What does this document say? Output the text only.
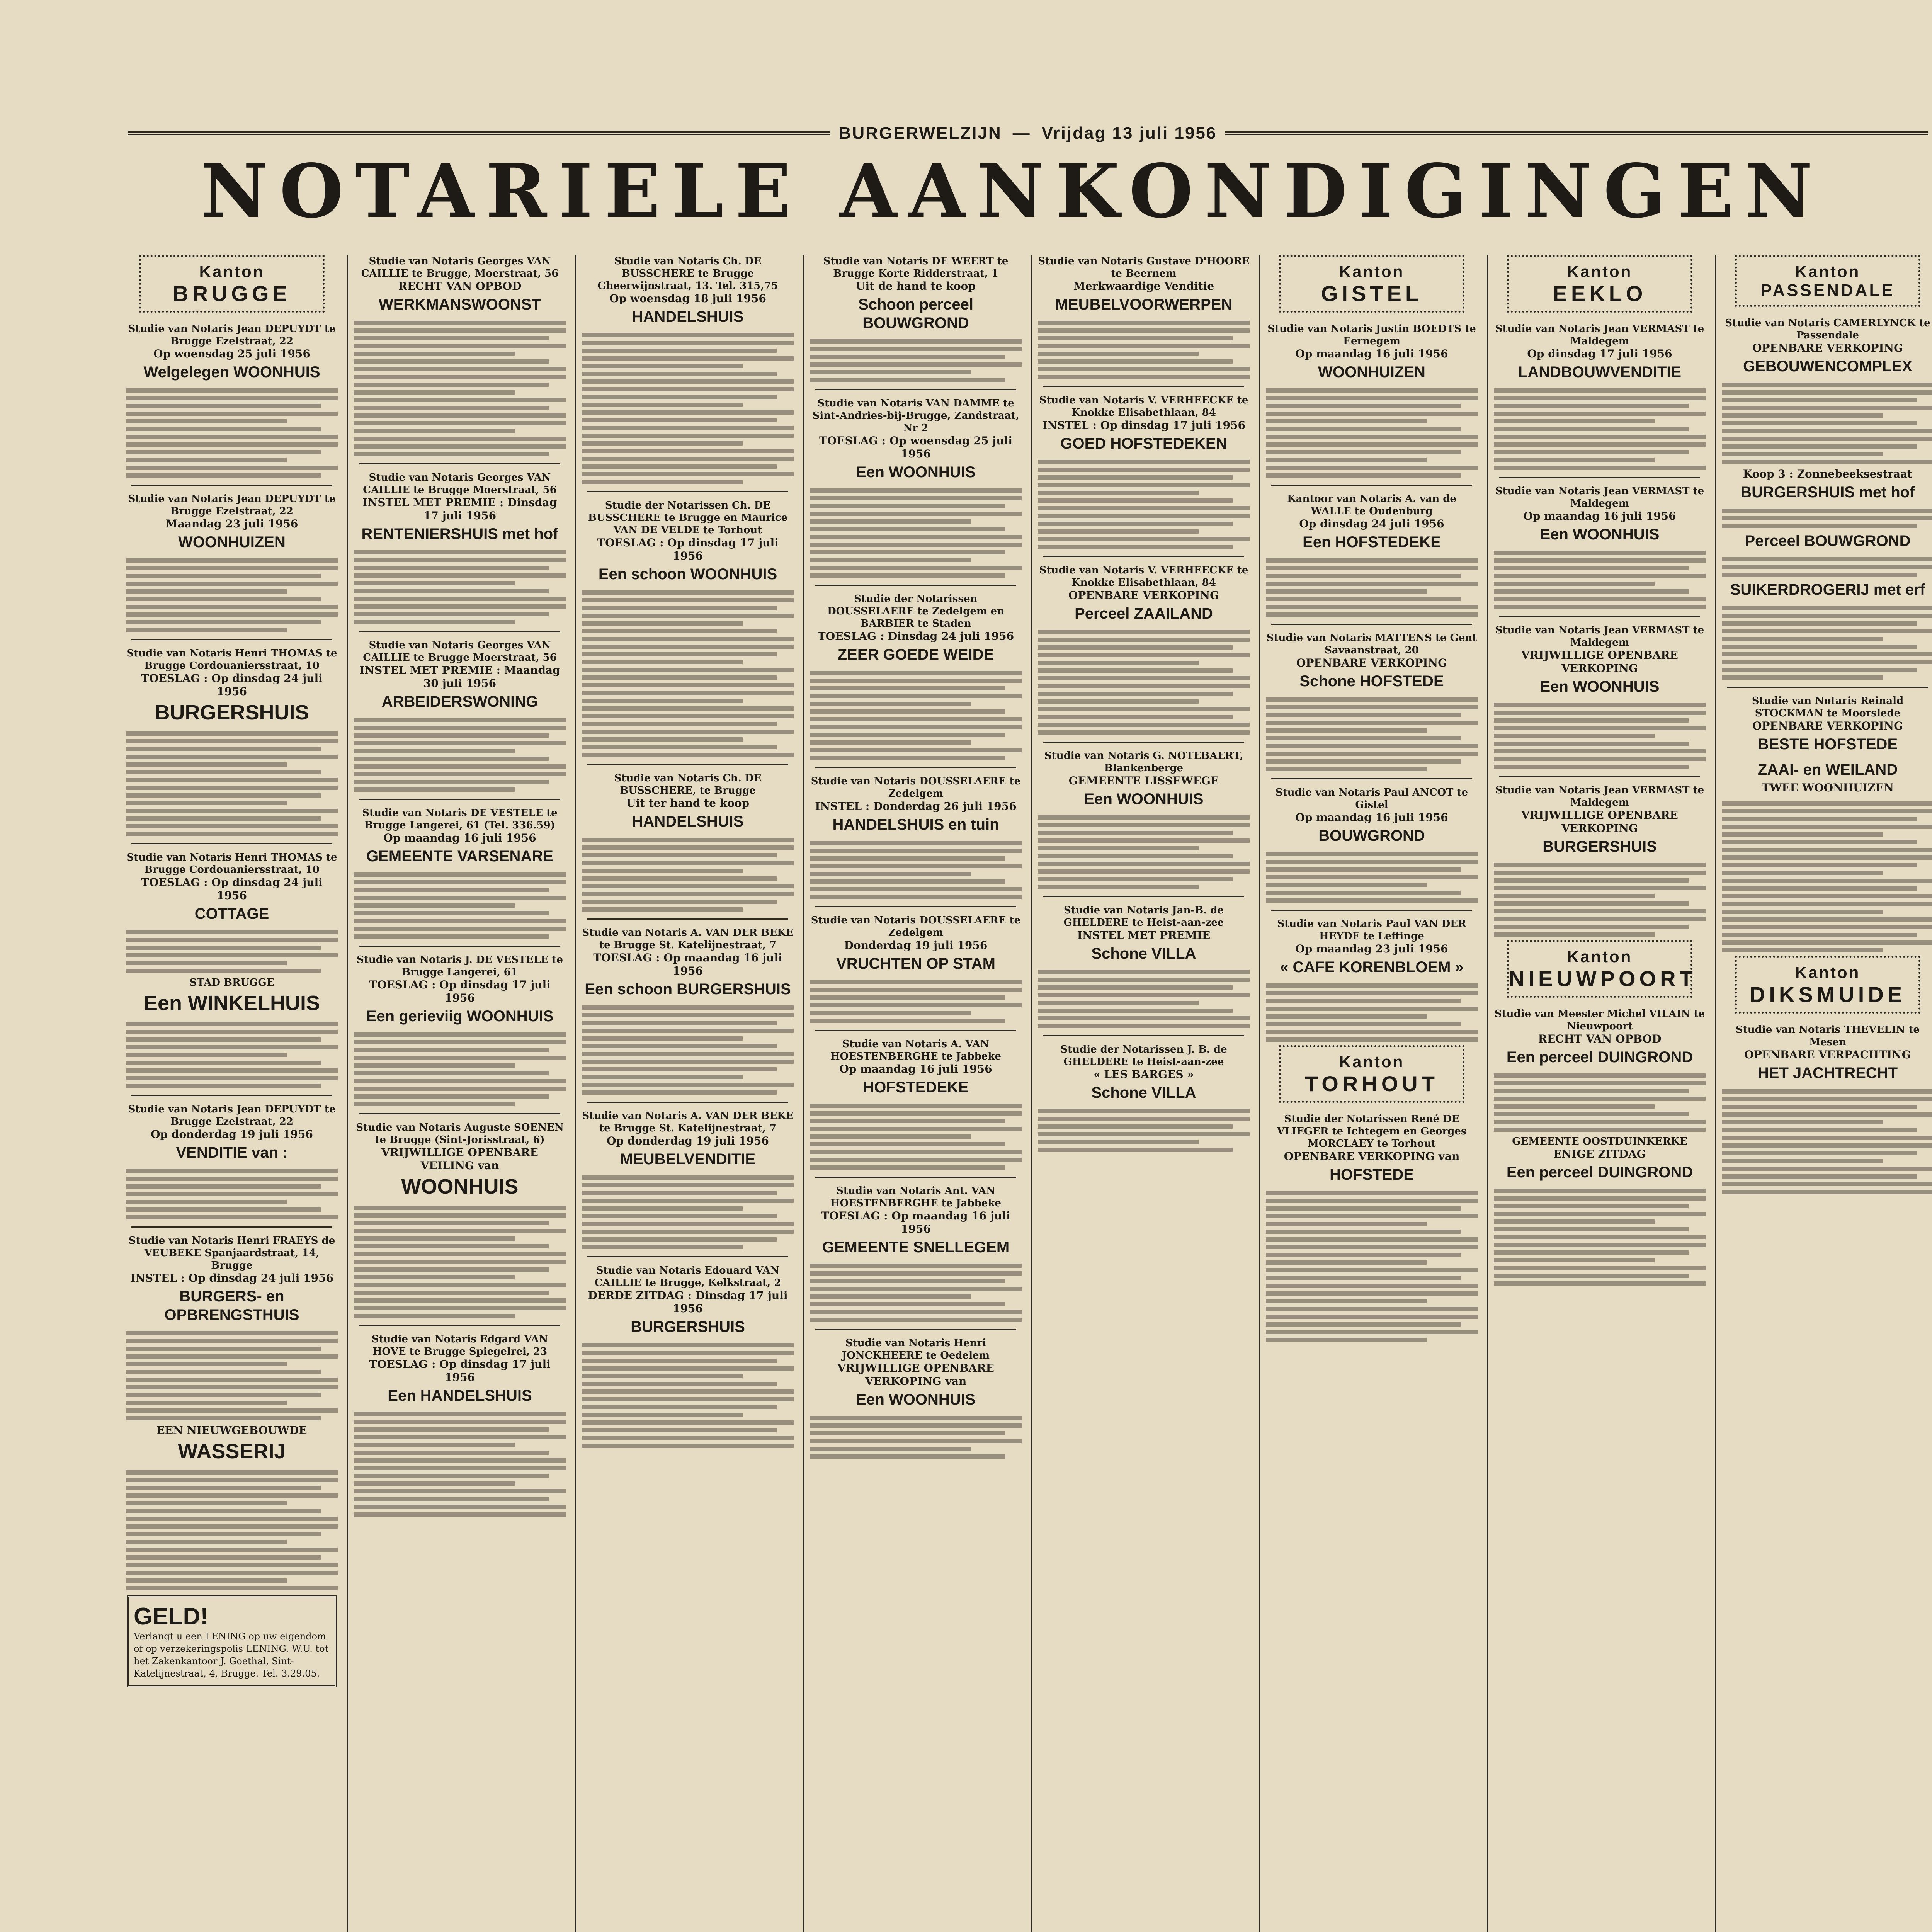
BURGERWELZIJN — Vrijdag 13 juli 1956
NOTARIELE AANKONDIGINGEN
Kanton
BRUGGE
Studie van Notaris Jean DEPUYDT te Brugge Ezelstraat, 22
Op woensdag 25 juli 1956
Welgelegen WOONHUIS
Studie van Notaris Jean DEPUYDT te Brugge Ezelstraat, 22
Maandag 23 juli 1956
WOONHUIZEN
Studie van Notaris Henri THOMAS te Brugge Cordouaniersstraat, 10
TOESLAG : Op dinsdag 24 juli 1956
BURGERSHUIS
Studie van Notaris Henri THOMAS te Brugge Cordouaniersstraat, 10
TOESLAG : Op dinsdag 24 juli 1956
COTTAGE
STAD BRUGGE
Een WINKELHUIS
Studie van Notaris Jean DEPUYDT te Brugge Ezelstraat, 22
Op donderdag 19 juli 1956
VENDITIE van :
Studie van Notaris Henri FRAEYS de VEUBEKE Spanjaardstraat, 14, Brugge
INSTEL : Op dinsdag 24 juli 1956
BURGERS- en OPBRENGSTHUIS
EEN NIEUWGEBOUWDE
WASSERIJ
GELD!
Verlangt u een LENING op uw eigendom of op verzekeringspolis LENING. W.U. tot het Zakenkantoor J. Goethal, Sint-Katelijnestraat, 4, Brugge. Tel. 3.29.05.
Studie van Notaris Georges VAN CAILLIE te Brugge, Moerstraat, 56
RECHT VAN OPBOD
WERKMANSWOONST
Studie van Notaris Georges VAN CAILLIE te Brugge Moerstraat, 56
INSTEL MET PREMIE : Dinsdag 17 juli 1956
RENTENIERSHUIS met hof
Studie van Notaris Georges VAN CAILLIE te Brugge Moerstraat, 56
INSTEL MET PREMIE : Maandag 30 juli 1956
ARBEIDERSWONING
Studie van Notaris DE VESTELE te Brugge Langerei, 61 (Tel. 336.59)
Op maandag 16 juli 1956
GEMEENTE VARSENARE
Studie van Notaris J. DE VESTELE te Brugge Langerei, 61
TOESLAG : Op dinsdag 17 juli 1956
Een gerieviig WOONHUIS
Studie van Notaris Auguste SOENEN te Brugge (Sint-Jorisstraat, 6)
VRIJWILLIGE OPENBARE VEILING van
WOONHUIS
Studie van Notaris Edgard VAN HOVE te Brugge Spiegelrei, 23
TOESLAG : Op dinsdag 17 juli 1956
Een HANDELSHUIS
Studie van Notaris Ch. DE BUSSCHERE te Brugge Gheerwijnstraat, 13. Tel. 315,75
Op woensdag 18 juli 1956
HANDELSHUIS
Studie der Notarissen Ch. DE BUSSCHERE te Brugge en Maurice VAN DE VELDE te Torhout
TOESLAG : Op dinsdag 17 juli 1956
Een schoon WOONHUIS
Studie van Notaris Ch. DE BUSSCHERE, te Brugge
Uit ter hand te koop
HANDELSHUIS
Studie van Notaris A. VAN DER BEKE te Brugge St. Katelijnestraat, 7
TOESLAG : Op maandag 16 juli 1956
Een schoon BURGERSHUIS
Studie van Notaris A. VAN DER BEKE te Brugge St. Katelijnestraat, 7
Op donderdag 19 juli 1956
MEUBELVENDITIE
Studie van Notaris Edouard VAN CAILLIE te Brugge, Kelkstraat, 2
DERDE ZITDAG : Dinsdag 17 juli 1956
BURGERSHUIS
Studie van Notaris DE WEERT te Brugge Korte Ridderstraat, 1
Uit de hand te koop
Schoon perceel BOUWGROND
Studie van Notaris VAN DAMME te Sint-Andries-bij-Brugge, Zandstraat, Nr 2
TOESLAG : Op woensdag 25 juli 1956
Een WOONHUIS
Studie der Notarissen DOUSSELAERE te Zedelgem en BARBIER te Staden
TOESLAG : Dinsdag 24 juli 1956
ZEER GOEDE WEIDE
Studie van Notaris DOUSSELAERE te Zedelgem
INSTEL : Donderdag 26 juli 1956
HANDELSHUIS en tuin
Studie van Notaris DOUSSELAERE te Zedelgem
Donderdag 19 juli 1956
VRUCHTEN OP STAM
Studie van Notaris A. VAN HOESTENBERGHE te Jabbeke
Op maandag 16 juli 1956
HOFSTEDEKE
Studie van Notaris Ant. VAN HOESTENBERGHE te Jabbeke
TOESLAG : Op maandag 16 juli 1956
GEMEENTE SNELLEGEM
Studie van Notaris Henri JONCKHEERE te Oedelem
VRIJWILLIGE OPENBARE VERKOPING van
Een WOONHUIS
Studie van Notaris Gustave D'HOORE te Beernem
Merkwaardige Venditie
MEUBELVOORWERPEN
Studie van Notaris V. VERHEECKE te Knokke Elisabethlaan, 84
INSTEL : Op dinsdag 17 juli 1956
GOED HOFSTEDEKEN
Studie van Notaris V. VERHEECKE te Knokke Elisabethlaan, 84
OPENBARE VERKOPING
Perceel ZAAILAND
Studie van Notaris G. NOTEBAERT, Blankenberge
GEMEENTE LISSEWEGE
Een WOONHUIS
Studie van Notaris Jan-B. de GHELDERE te Heist-aan-zee
INSTEL MET PREMIE
Schone VILLA
Studie der Notarissen J. B. de GHELDERE te Heist-aan-zee
« LES BARGES »
Schone VILLA
Kanton
GISTEL
Studie van Notaris Justin BOEDTS te Eernegem
Op maandag 16 juli 1956
WOONHUIZEN
Kantoor van Notaris A. van de WALLE te Oudenburg
Op dinsdag 24 juli 1956
Een HOFSTEDEKE
Studie van Notaris MATTENS te Gent Savaanstraat, 20
OPENBARE VERKOPING
Schone HOFSTEDE
Studie van Notaris Paul ANCOT te Gistel
Op maandag 16 juli 1956
BOUWGROND
Studie van Notaris Paul VAN DER HEYDE te Leffinge
Op maandag 23 juli 1956
« CAFE KORENBLOEM »
Kanton
TORHOUT
Studie der Notarissen René DE VLIEGER te Ichtegem en Georges MORCLAEY te Torhout
OPENBARE VERKOPING van
HOFSTEDE
Kanton
EEKLO
Studie van Notaris Jean VERMAST te Maldegem
Op dinsdag 17 juli 1956
LANDBOUWVENDITIE
Studie van Notaris Jean VERMAST te Maldegem
Op maandag 16 juli 1956
Een WOONHUIS
Studie van Notaris Jean VERMAST te Maldegem
VRIJWILLIGE OPENBARE VERKOPING
Een WOONHUIS
Studie van Notaris Jean VERMAST te Maldegem
VRIJWILLIGE OPENBARE VERKOPING
BURGERSHUIS
Kanton
NIEUWPOORT
Studie van Meester Michel VILAIN te Nieuwpoort
RECHT VAN OPBOD
Een perceel DUINGROND
GEMEENTE OOSTDUINKERKE
ENIGE ZITDAG
Een perceel DUINGROND
Kanton
PASSENDALE
Studie van Notaris CAMERLYNCK te Passendale
OPENBARE VERKOPING
GEBOUWENCOMPLEX
Koop 3 : Zonnebeeksestraat
BURGERSHUIS met hof
Perceel BOUWGROND
SUIKERDROGERIJ met erf
Studie van Notaris Reinald STOCKMAN te Moorslede
OPENBARE VERKOPING
BESTE HOFSTEDE
ZAAI- en WEILAND
TWEE WOONHUIZEN
Kanton
DIKSMUIDE
Studie van Notaris THEVELIN te Mesen
OPENBARE VERPACHTING
HET JACHTRECHT
